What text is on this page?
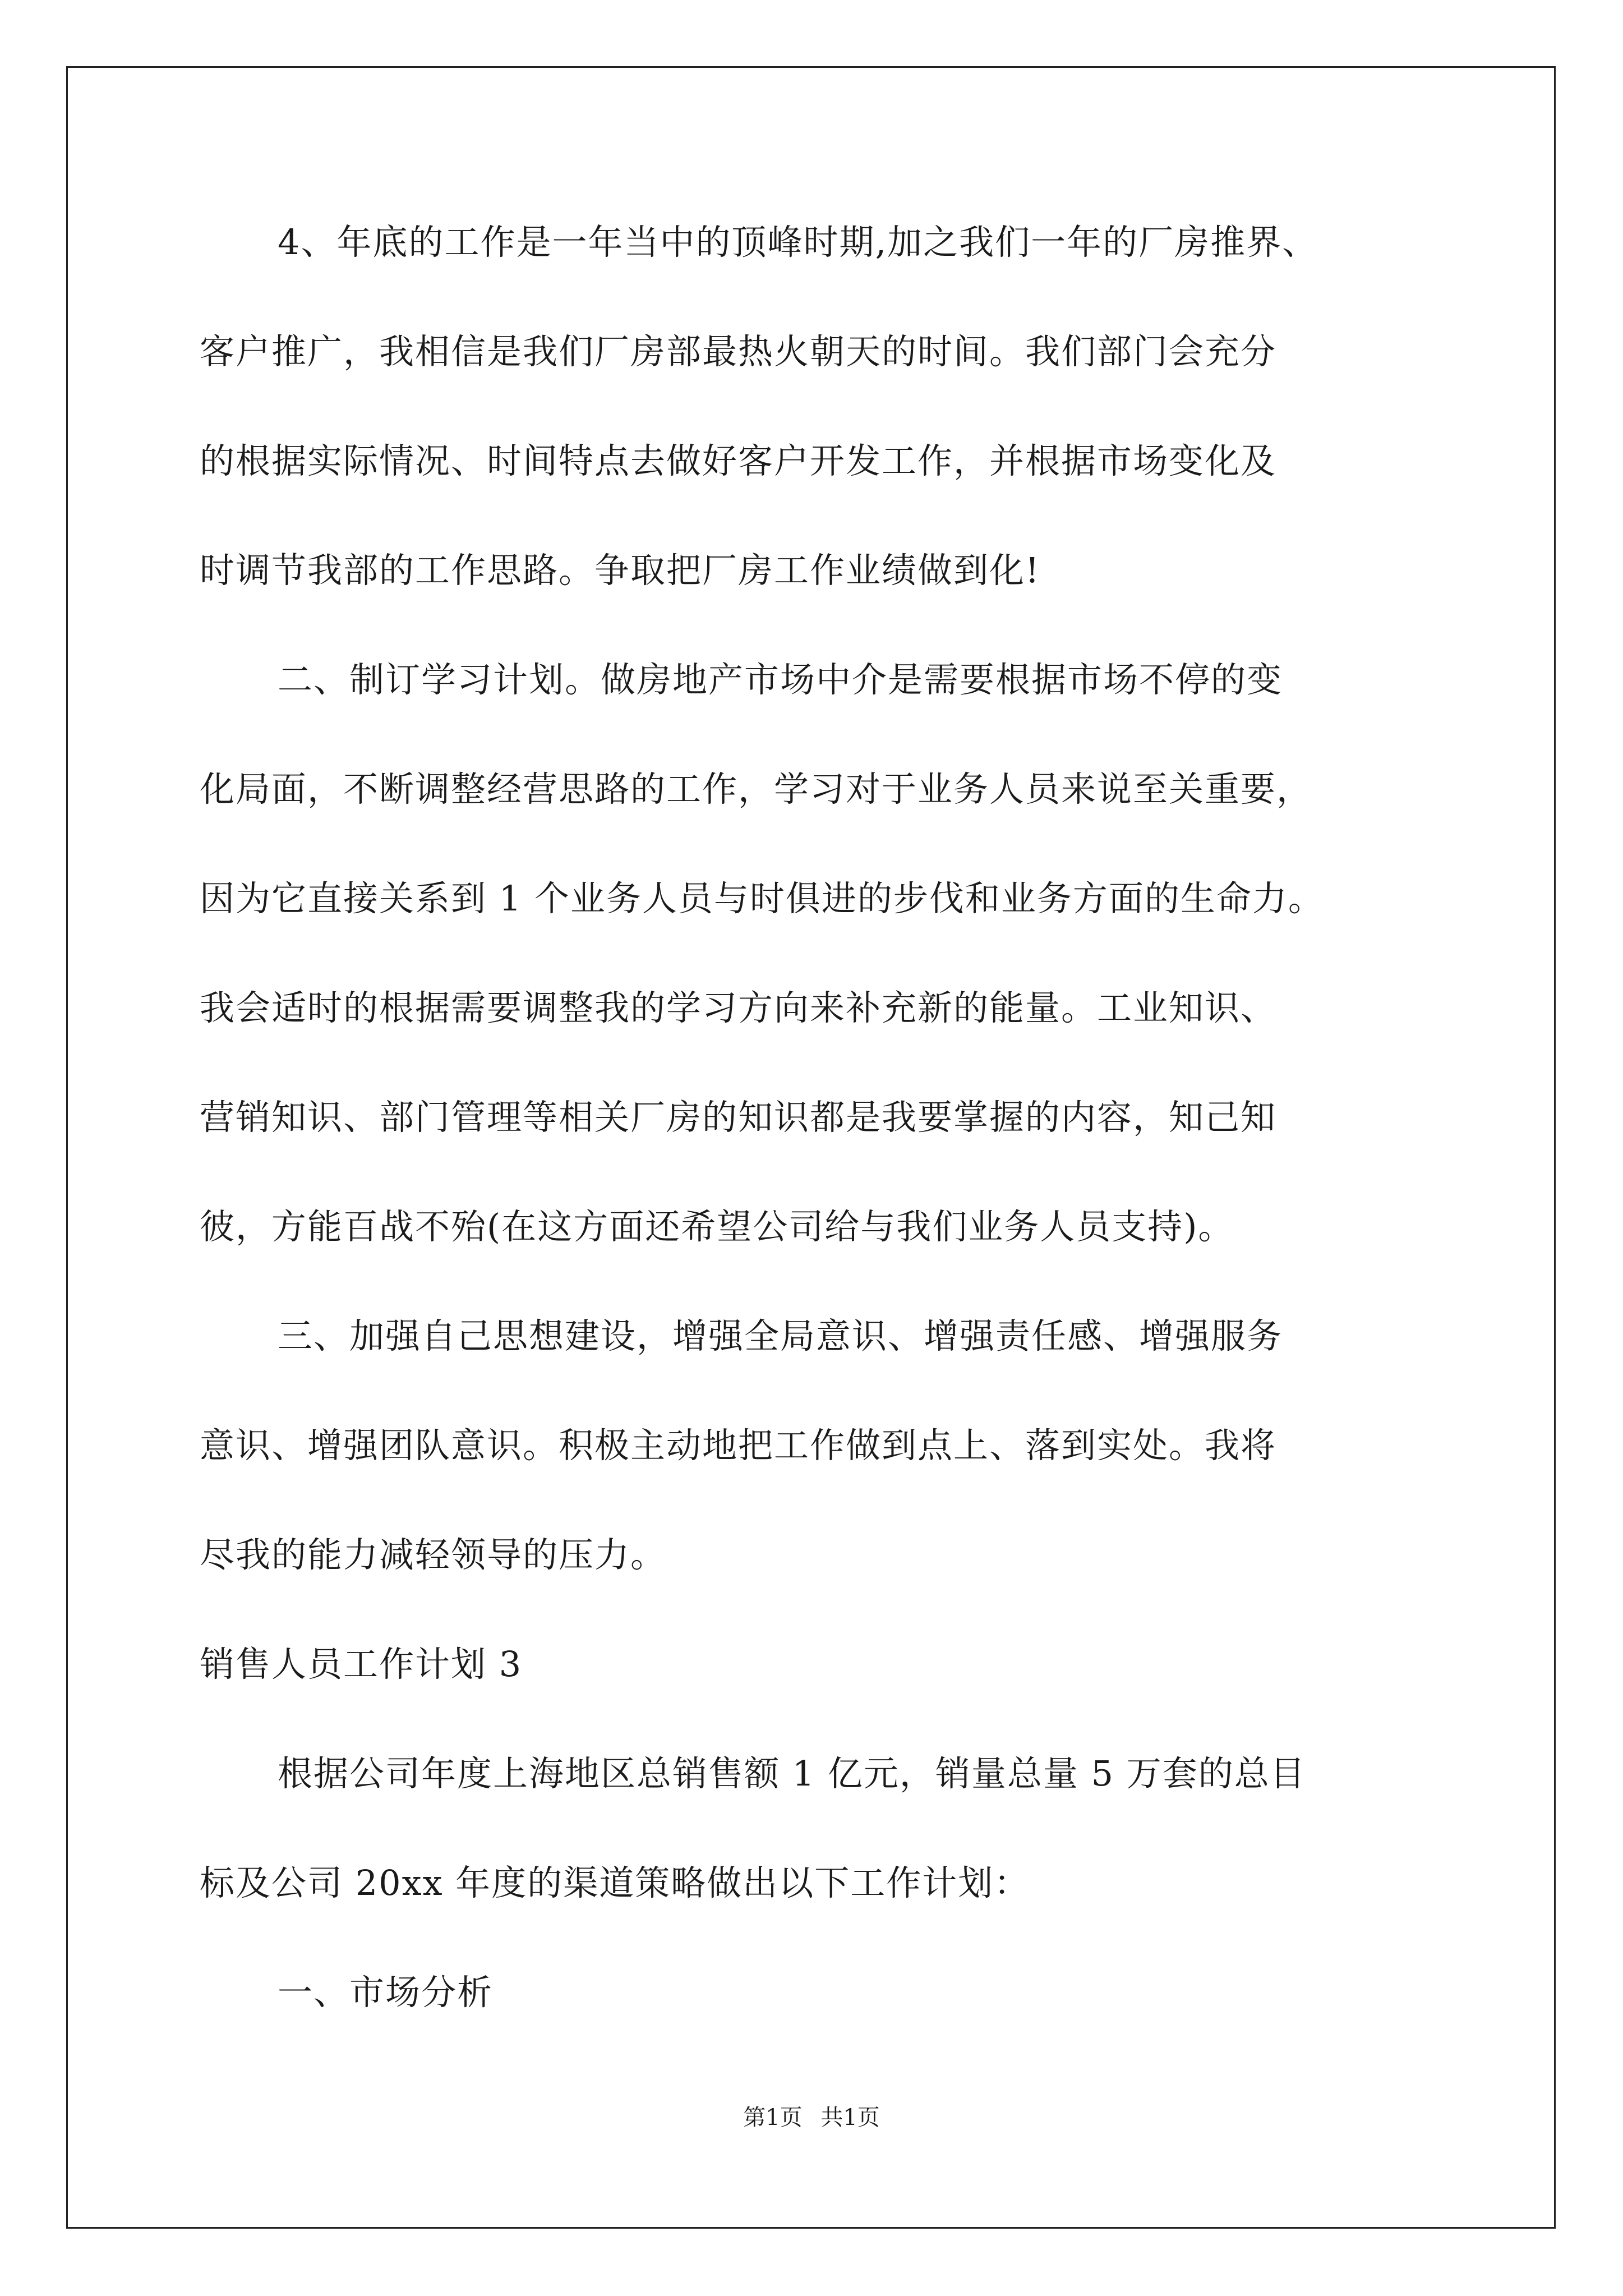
4、年底的工作是一年当中的顶峰时期,加之我们一年的厂房推界、
客户推广，我相信是我们厂房部最热火朝天的时间。我们部门会充分
的根据实际情况、时间特点去做好客户开发工作，并根据市场变化及
时调节我部的工作思路。争取把厂房工作业绩做到化!
二、制订学习计划。做房地产市场中介是需要根据市场不停的变
化局面，不断调整经营思路的工作，学习对于业务人员来说至关重要，
因为它直接关系到 1 个业务人员与时俱进的步伐和业务方面的生命力。
我会适时的根据需要调整我的学习方向来补充新的能量。工业知识、
营销知识、部门管理等相关厂房的知识都是我要掌握的内容，知己知
彼，方能百战不殆(在这方面还希望公司给与我们业务人员支持)。
三、加强自己思想建设，增强全局意识、增强责任感、增强服务
意识、增强团队意识。积极主动地把工作做到点上、落到实处。我将
尽我的能力减轻领导的压力。
销售人员工作计划 3
根据公司年度上海地区总销售额 1 亿元，销量总量 5 万套的总目
标及公司 20xx 年度的渠道策略做出以下工作计划：
一、市场分析
第1页 共1页
